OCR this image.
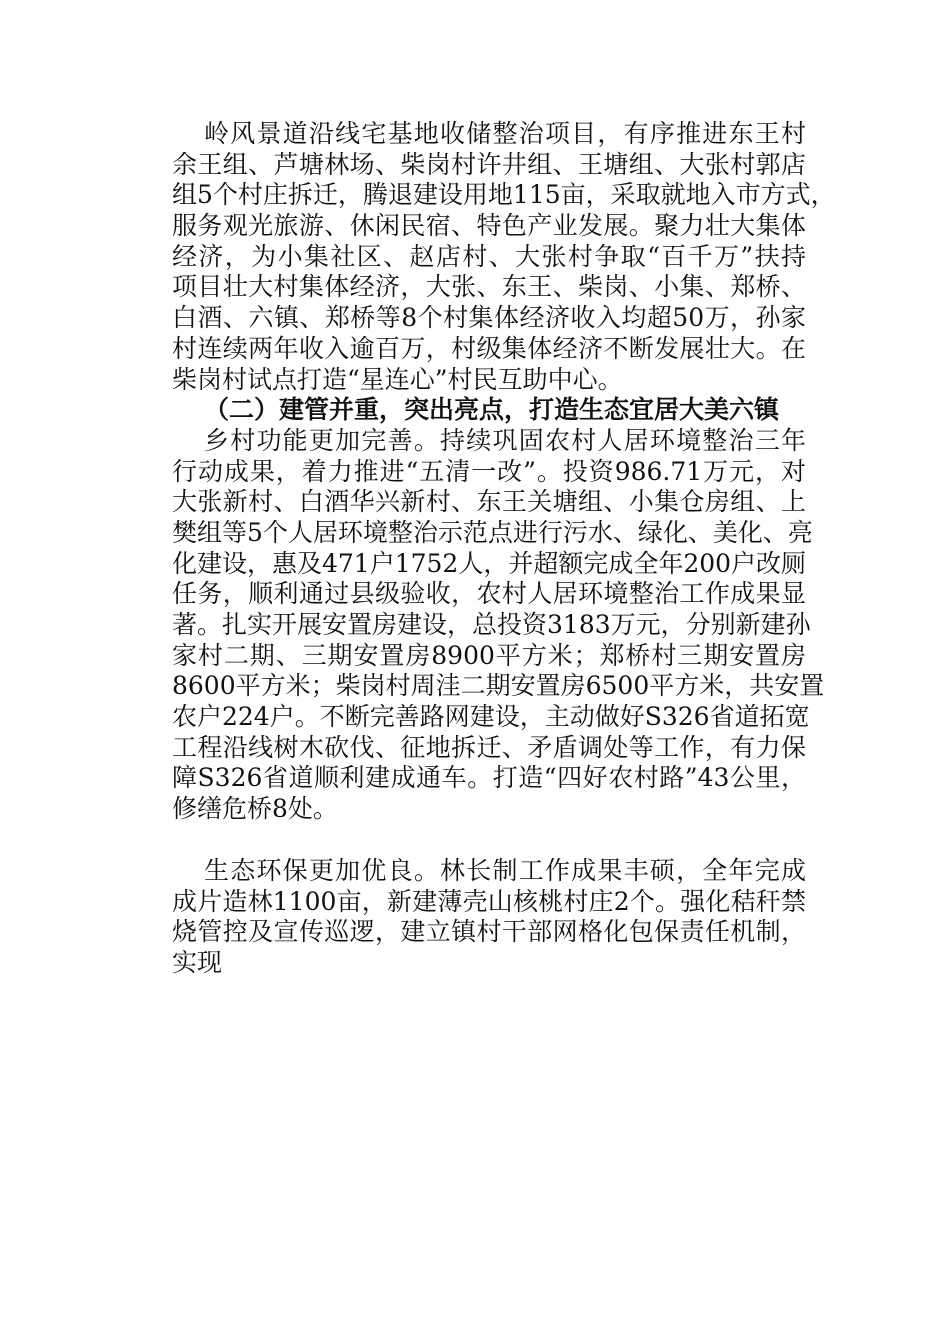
岭风景道沿线宅基地收储整治项目，有序推进东王村
余王组、芦塘林场、柴岗村许井组、王塘组、大张村郭店
组5个村庄拆迁，腾退建设用地115亩，采取就地入市方式，
服务观光旅游、休闲民宿、特色产业发展。聚力壮大集体
经济，为小集社区、赵店村、大张村争取“百千万”扶持
项目壮大村集体经济，大张、东王、柴岗、小集、郑桥、
白酒、六镇、郑桥等8个村集体经济收入均超50万，孙家
村连续两年收入逾百万，村级集体经济不断发展壮大。在
柴岗村试点打造“星连心”村民互助中心。
（二）建管并重，突出亮点，打造生态宜居大美六镇
乡村功能更加完善。持续巩固农村人居环境整治三年
行动成果，着力推进“五清一改”。投资986.71万元，对
大张新村、白酒华兴新村、东王关塘组、小集仓房组、上
樊组等5个人居环境整治示范点进行污水、绿化、美化、亮
化建设，惠及471户1752人，并超额完成全年200户改厕
任务，顺利通过县级验收，农村人居环境整治工作成果显
著。扎实开展安置房建设，总投资3183万元，分别新建孙
家村二期、三期安置房8900平方米；郑桥村三期安置房
8600平方米；柴岗村周洼二期安置房6500平方米，共安置
农户224户。不断完善路网建设，主动做好S326省道拓宽
工程沿线树木砍伐、征地拆迁、矛盾调处等工作，有力保
障S326省道顺利建成通车。打造“四好农村路”43公里，
修缮危桥8处。
生态环保更加优良。林长制工作成果丰硕，全年完成
成片造林1100亩，新建薄壳山核桃村庄2个。强化秸秆禁
烧管控及宣传巡逻，建立镇村干部网格化包保责任机制，
实现
